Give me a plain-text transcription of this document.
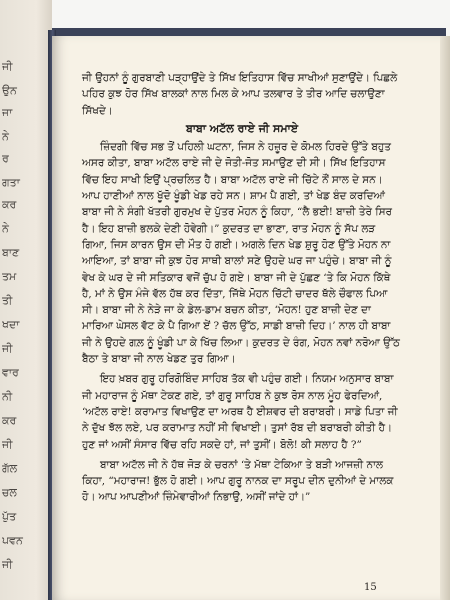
ਜੀ
ਉਨ
ਜਾ
ਨੇ
ਰ
ਗਤਾ
ਕਰ
ਨੇ
ਬਾਣ
ਤਮ
ਤੀ
ਖਦਾ
ਜੀ
ਵਾਰ
ਨੀ
ਕਰ
ਜੀ
ਗੱਲ
ਚਲ
ਪੁੱਤ
ਪਵਨ
ਜੀ

ਜੀ ਉਹਨਾਂ ਨੂੰ ਗੁਰਬਾਣੀ ਪੜ੍ਹਾਉਂਦੇ ਤੇ ਸਿੱਖ ਇਤਿਹਾਸ ਵਿੱਚ ਸਾਖੀਆਂ ਸੁਣਾਉਂਦੇ। ਪਿਛਲੇ ਪਹਿਰ ਕੁਝ ਹੋਰ ਸਿੱਖ ਬਾਲਕਾਂ ਨਾਲ ਮਿਲ ਕੇ ਆਪ ਤਲਵਾਰ ਤੇ ਤੀਰ ਆਦਿ ਚਲਾਉਣਾ ਸਿੱਖਦੇ।

ਬਾਬਾ ਅਟੱਲ ਰਾਏ ਜੀ ਸਮਾਏ

ਜ਼ਿੰਦਗੀ ਵਿੱਚ ਸਭ ਤੋਂ ਪਹਿਲੀ ਘਟਨਾ, ਜਿਸ ਨੇ ਹਜ਼ੂਰ ਦੇ ਕੋਮਲ ਹਿਰਦੇ ਉੱਤੇ ਬਹੁਤ ਅਸਰ ਕੀਤਾ, ਬਾਬਾ ਅਟੱਲ ਰਾਏ ਜੀ ਦੇ ਜੋਤੀ-ਜੋਤ ਸਮਾਉਣ ਦੀ ਸੀ। ਸਿੱਖ ਇਤਿਹਾਸ ਵਿੱਚ ਇਹ ਸਾਖੀ ਇਉਂ ਪ੍ਰਚਲਿਤ ਹੈ। ਬਾਬਾ ਅਟੱਲ ਰਾਏ ਜੀ ਚਿੱਟੇ ਨੌਂ ਸਾਲ ਦੇ ਸਨ। ਆਪ ਹਾਣੀਆਂ ਨਾਲ ਖੂੱਦੋ ਖੂੰਡੀ ਖੇਡ ਰਹੇ ਸਨ। ਸ਼ਾਮ ਪੈ ਗਈ, ਤਾਂ ਖੇਡ ਬੰਦ ਕਰਦਿਆਂ ਬਾਬਾ ਜੀ ਨੇ ਸੰਗੀ ਖੱਤਰੀ ਗੁਰਮੁਖ ਦੇ ਪੁੱਤਰ ਮੋਹਨ ਨੂੰ ਕਿਹਾ, “ਲੈ ਭਈ! ਬਾਜ਼ੀ ਤੇਰੇ ਸਿਰ ਹੈ। ਇਹ ਬਾਜ਼ੀ ਭਲਕੇ ਦੇਣੀ ਹੋਵੇਗੀ।” ਕੁਦਰਤ ਦਾ ਭਾਣਾ, ਰਾਤ ਮੋਹਨ ਨੂੰ ਸੱਪ ਲੜ ਗਿਆ, ਜਿਸ ਕਾਰਨ ਉਸ ਦੀ ਮੌਤ ਹੋ ਗਈ। ਅਗਲੇ ਦਿਨ ਖੇਡ ਸ਼ੁਰੂ ਹੋਣ ਉੱਤੇ ਮੋਹਨ ਨਾ ਆਇਆ, ਤਾਂ ਬਾਬਾ ਜੀ ਕੁਝ ਹੋਰ ਸਾਥੀ ਬਾਲਾਂ ਸਣੇ ਉਹਦੇ ਘਰ ਜਾ ਪਹੁੰਚੇ। ਬਾਬਾ ਜੀ ਨੂੰ ਵੇਖ ਕੇ ਘਰ ਦੇ ਜੀ ਸਤਿਕਾਰ ਵਜੋਂ ਚੁੱਪ ਹੋ ਗਏ। ਬਾਬਾ ਜੀ ਦੇ ਪੁੱਛਣ ‘ਤੇ ਕਿ ਮੋਹਨ ਕਿੱਥੇ ਹੈ, ਮਾਂ ਨੇ ਉਸ ਮੰਜੇ ਵੱਲ ਹੱਥ ਕਰ ਦਿੱਤਾ, ਜਿੱਥੇ ਮੋਹਨ ਚਿੱਟੀ ਚਾਦਰ ਥੱਲੇ ਚੌਫਾਲ ਪਿਆ ਸੀ। ਬਾਬਾ ਜੀ ਨੇ ਨੇੜੇ ਜਾ ਕੇ ਡੇਲ-ਡਾਮ ਬਚਨ ਕੀਤਾ, ‘ਮੋਹਨ! ਹੁਣ ਬਾਜ਼ੀ ਦੇਣ ਦਾ ਮਾਰਿਆ ਘੇਸਲ ਵੱਟ ਕੇ ਪੈ ਗਿਆ ਏਂ ? ਚੱਲ ਉੱਠ, ਸਾਡੀ ਬਾਜ਼ੀ ਦਿਹ।’ ਨਾਲ ਹੀ ਬਾਬਾ ਜੀ ਨੇ ਉਹਦੇ ਗਲ਼ ਨੂੰ ਖੂੰਡੀ ਪਾ ਕੇ ਖਿੱਚ ਲਿਆ। ਕੁਦਰਤ ਦੇ ਰੰਗ, ਮੋਹਨ ਨਵਾਂ ਨਰੋਆ ਉੱਠ ਬੈਠਾ ਤੇ ਬਾਬਾ ਜੀ ਨਾਲ ਖੇਡਣ ਤੁਰ ਗਿਆ।

ਇਹ ਖ਼ਬਰ ਗੁਰੂ ਹਰਿਗੋਬਿੰਦ ਸਾਹਿਬ ਤੱਕ ਵੀ ਪਹੁੰਚ ਗਈ। ਨਿਯਮ ਅਨੁਸਾਰ ਬਾਬਾ ਜੀ ਮਹਾਰਾਜ ਨੂੰ ਮੱਥਾ ਟੇਕਣ ਗਏ, ਤਾਂ ਗੁਰੂ ਸਾਹਿਬ ਨੇ ਕੁਝ ਰੋਸ ਨਾਲ ਮੂੰਹ ਫੇਰਦਿਆਂ, ‘ਅਟੱਲ ਰਾਏ! ਕਰਾਮਾਤ ਵਿਖਾਉਣ ਦਾ ਅਰਥ ਹੈ ਈਸ਼ਵਰ ਦੀ ਬਰਾਬਰੀ। ਸਾਡੇ ਪਿਤਾ ਜੀ ਨੇ ਦੁੱਖ ਝੱਲ ਲਏ, ਪਰ ਕਰਾਮਾਤ ਨਹੀਂ ਸੀ ਵਿਖਾਈ। ਤੁਸਾਂ ਰੱਬ ਦੀ ਬਰਾਬਰੀ ਕੀਤੀ ਹੈ। ਹੁਣ ਜਾਂ ਅਸੀਂ ਸੰਸਾਰ ਵਿੱਚ ਰਹਿ ਸਕਦੇ ਹਾਂ, ਜਾਂ ਤੁਸੀਂ। ਬੋਲੋ! ਕੀ ਸਲਾਹ ਹੈ ?”

ਬਾਬਾ ਅਟੱਲ ਜੀ ਨੇ ਹੱਥ ਜੋੜ ਕੇ ਚਰਨਾਂ ‘ਤੇ ਮੱਥਾ ਟੇਕਿਆ ਤੇ ਬੜੀ ਆਜਜ਼ੀ ਨਾਲ ਕਿਹਾ, “ਮਹਾਰਾਜ! ਭੁੱਲ ਹੋ ਗਈ। ਆਪ ਗੁਰੂ ਨਾਨਕ ਦਾ ਸਰੂਪ ਦੀਨ ਦੁਨੀਆਂ ਦੇ ਮਾਲਕ ਹੋ। ਆਪ ਆਪਣੀਆਂ ਜ਼ਿੰਮੇਵਾਰੀਆਂ ਨਿਭਾਉ, ਅਸੀਂ ਜਾਂਦੇ ਹਾਂ।”

15
